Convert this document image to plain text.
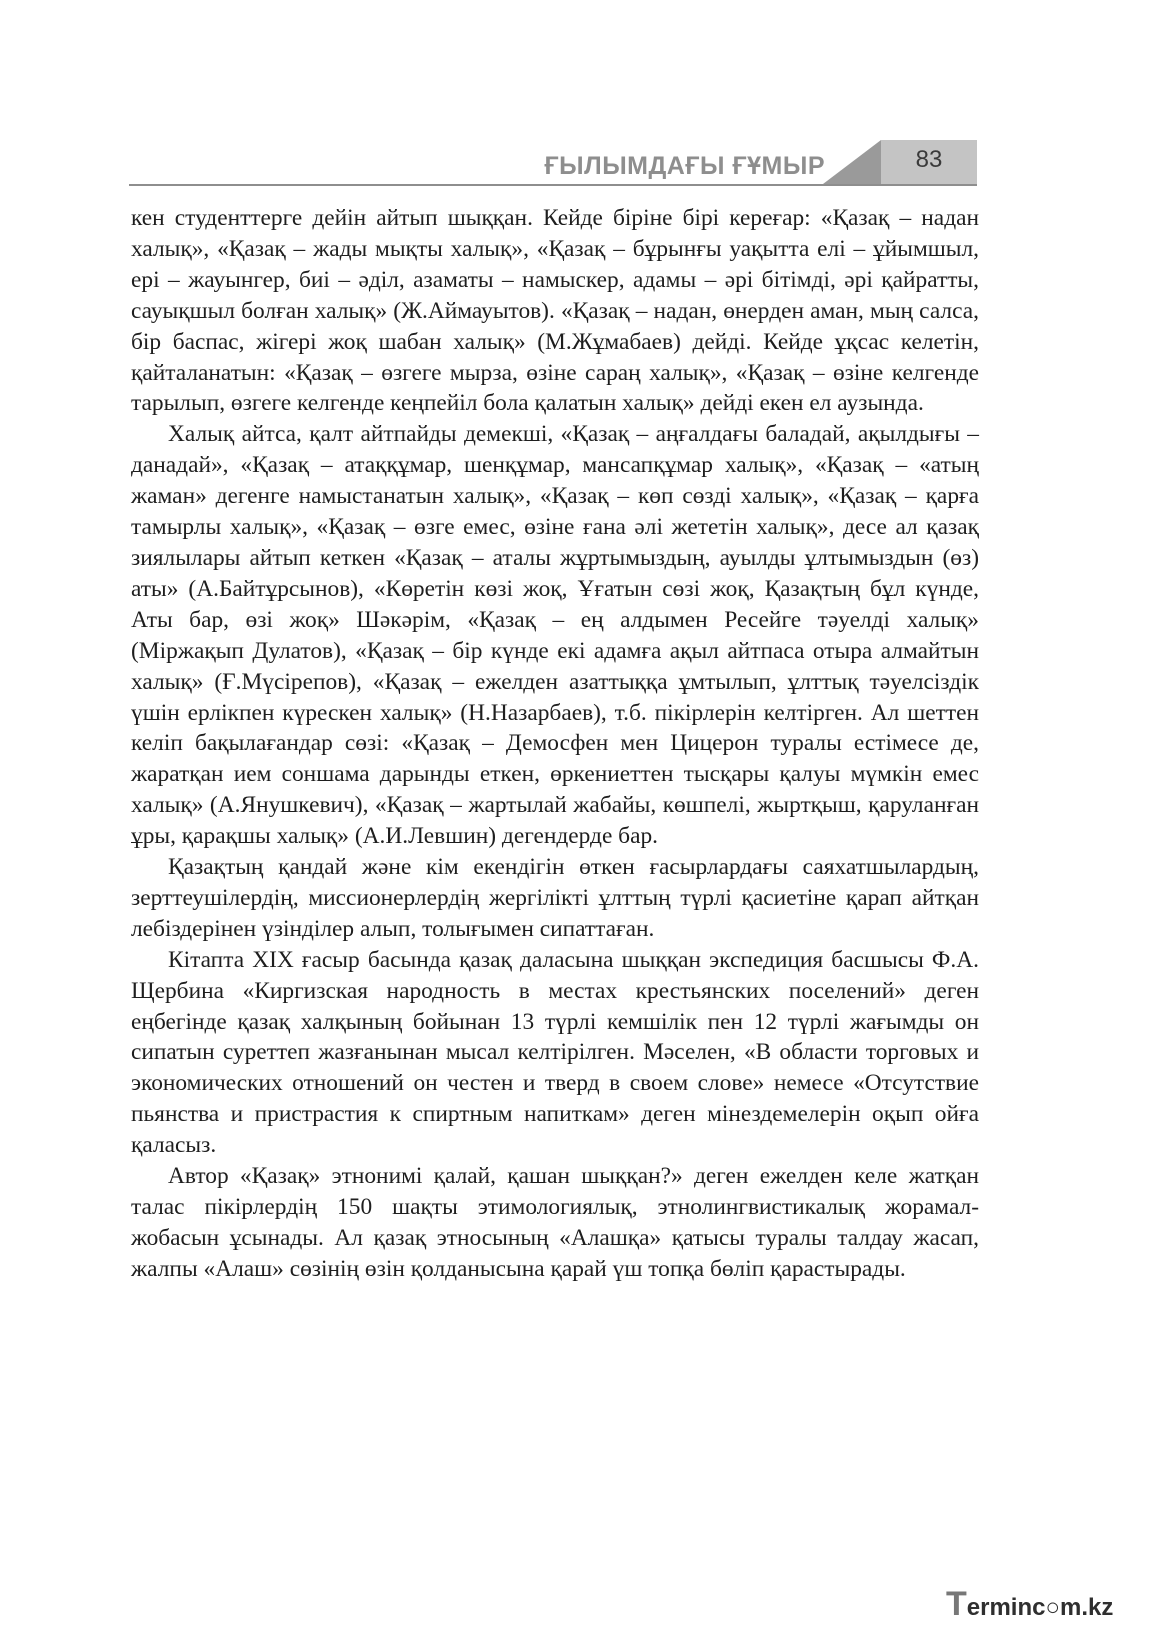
ҒЫЛЫМДАҒЫ ҒҰМЫР	83

кен студенттерге дейін айтып шыққан. Кейде біріне бірі кереғар: «Қазақ – надан халық», «Қазақ – жады мықты халық», «Қазақ – бұрынғы уақытта елі – ұйымшыл, ері – жауынгер, биі – әділ, азаматы – намыскер, адамы – әрі бітімді, әрі қайратты, сауықшыл болған халық» (Ж.Аймауытов). «Қазақ – надан, өнерден аман, мың салса, бір баспас, жігері жоқ шабан халық» (М.Жұмабаев) дейді. Кейде ұқсас келетін, қайталанатын: «Қазақ – өзгеге мырза, өзіне сараң халық», «Қазақ – өзіне келгенде тарылып, өзгеге келгенде кеңпейіл бола қалатын халық» дейді екен ел аузында.

Халық айтса, қалт айтпайды демекші, «Қазақ – аңғалдағы баладай, ақылдығы – данадай», «Қазақ – атаққұмар, шенқұмар, мансапқұмар халық», «Қазақ – «атың жаман» дегенге намыстанатын халық», «Қазақ – көп сөзді халық», «Қазақ – қарға тамырлы халық», «Қазақ – өзге емес, өзіне ғана әлі жететін халық», десе ал қазақ зиялылары айтып кеткен «Қазақ – аталы жұртымыздың, ауылды ұлтымыздын (өз) аты» (А.Байтұрсынов), «Көретін көзі жоқ, Ұғатын сөзі жоқ, Қазақтың бұл күнде, Аты бар, өзі жоқ» Шәкәрім, «Қазақ – ең алдымен Ресейге тәуелді халық» (Міржақып Дулатов), «Қазақ – бір күнде екі адамға ақыл айтпаса отыра алмайтын халық» (Ғ.Мүсірепов), «Қазақ – ежелден азаттыққа ұмтылып, ұлттық тәуелсіздік үшін ерлікпен күрескен халық» (Н.Назарбаев), т.б. пікірлерін келтірген. Ал шеттен келіп бақылағандар сөзі: «Қазақ – Демосфен мен Цицерон туралы естімесе де, жаратқан ием соншама дарынды еткен, өркениеттен тысқары қалуы мүмкін емес халық» (А.Янушкевич), «Қазақ – жартылай жабайы, көшпелі, жыртқыш, қаруланған ұры, қарақшы халық» (А.И.Левшин) дегендерде бар.

Қазақтың қандай және кім екендігін өткен ғасырлардағы саяхатшылардың, зерттеушілердің, миссионерлердің жергілікті ұлттың түрлі қасиетіне қарап айтқан лебіздерінен үзінділер алып, толығымен сипаттаған.

Кітапта XIX ғасыр басында қазақ даласына шыққан экспедиция басшысы Ф.А. Щербина «Киргизская народность в местах крестьянских поселений» деген еңбегінде қазақ халқының бойынан 13 түрлі кемшілік пен 12 түрлі жағымды он сипатын суреттеп жазғанынан мысал келтірілген. Мәселен, «В области торговых и экономических отношений он честен и тверд в своем слове» немесе «Отсутствие пьянства и пристрастия к спиртным напиткам» деген мінездемелерін оқып ойға қаласыз.

Автор «Қазақ» этнонимі қалай, қашан шыққан?» деген ежелден келе жатқан талас пікірлердің 150 шақты этимологиялық, этнолингвистикалық жорамал-жобасын ұсынады. Ал қазақ этносының «Алашқа» қатысы туралы талдау жасап, жалпы «Алаш» сөзінің өзін қолданысына қарай үш топқа бөліп қарастырады.

Terminc○m.kz
